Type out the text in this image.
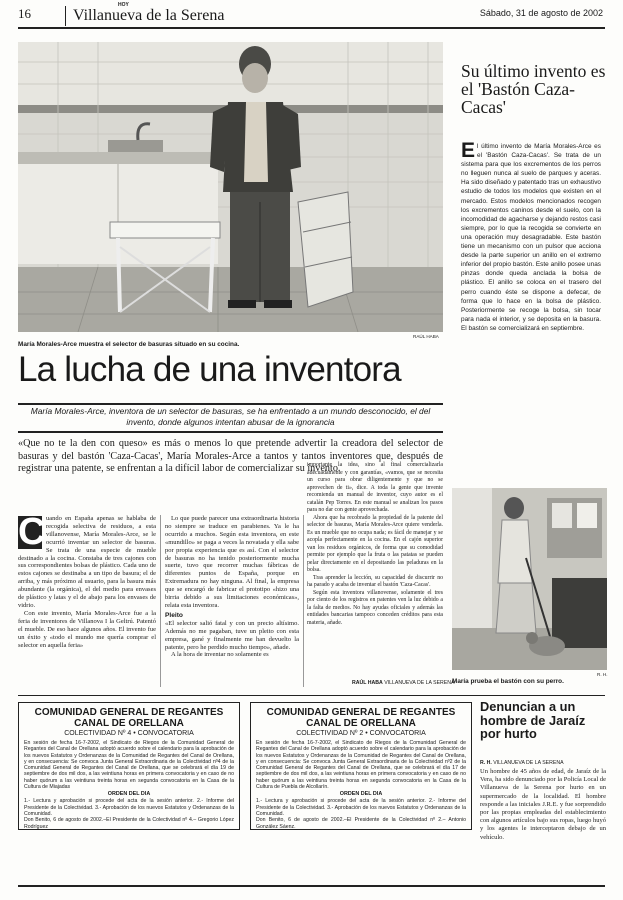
16
HOY
Villanueva de la Serena	Sábado, 31 de agosto de 2002
RAÚL HABA
María Morales-Arce muestra el selector de basuras situado en su cocina.
Su último invento es el 'Bastón Caza-Cacas'
E l último invento de María Morales-Arce es el 'Bastón Caza-Cacas'. Se trata de un sistema para que los excrementos de los perros no lleguen nunca al suelo de parques y aceras. Ha sido diseñado y patentado tras un exhaustivo estudio de todos los modelos que existen en el mercado. Estos modelos mencionados recogen los excrementos caninos desde el suelo, con la incomodidad de agacharse y dejando restos casi siempre, por lo que la recogida se convierte en una operación muy desagradable. Este bastón tiene un mecanismo con un pulsor que acciona desde la parte superior un anillo en el extremo inferior del propio bastón. Este anillo posee unas pinzas donde queda anclada la bolsa de plástico. El anillo se coloca en el trasero del perro cuando éste se dispone a defecar, de forma que lo hace en la bolsa de plástico. Posteriormente se recoge la bolsa, sin tocar para nada el interior, y se deposita en la basura. El bastón se comercializará en septiembre.

La lucha de una inventora
María Morales-Arce, inventora de un selector de basuras, se ha enfrentado a un mundo desconocido, el del invento, donde algunos intentan abusar de la ignorancia

«Que no te la den con queso» es más o menos lo que pretende advertir la creadora del selector de basuras y del bastón 'Caza-Cacas', María Morales-Arce a tantos y tantos inventores que, después de registrar una patente, se enfrentan a la difícil labor de comercializar su invento.

C uando en España apenas se hablaba de recogida selectiva de residuos, a esta villanovense, María Morales-Arce, se le ocurrió inventar un selector de basuras. Se trata de una especie de mueble destinado a la cocina. Constaba de tres cajones con sus correspondientes bolsas de plástico. Cada uno de estos cajones se destinaba a un tipo de basura; el de arriba, y más próximo al usuario, para la basura más abundante (la orgánica), el del medio para envases de plástico y latas y el de abajo para los envases de vidrio.

Con este invento, María Morales-Arce fue a la feria de inventores de Villanova I la Geltrú. Patentó el mueble. De eso hace algunos años. El invento fue un éxito y «todo el mundo me quería comprar el selector en aquella feria»

Lo que puede parecer una extraordinaria historia no siempre se traduce en parabienes. Ya le ha ocurrido a muchos. Según esta inventora, en este «mundillo» se paga a veces la novatada y ella sabe por propia experiencia que es así. Con el selector de basuras no ha tenido posteriormente mucha suerte, tuvo que recorrer muchas fábricas de diferentes puntos de España, porque en Extremadura no hay ninguna. Al final, la empresa que se encargó de fabricar el prototipo «hizo una birria debido a sus limitaciones económicas», relata esta inventora.

Pleito

«El selector salió fatal y con un precio altísimo. Además no me pagaban, tuve un pleito con esta empresa, gané y finalmente me han devuelto la patente, pero he perdido mucho tiempo», añade.

A la hora de inventar no solamente es

importante la idea, sino al final comercializarla adecuadamente y con garantías, «vamos, que se necesita un curso para obrar diligentemente y que no se aprovechen de ti», dice. A toda la gente que invente recomienda un manual de inventor, cuyo autor es el catalán Pep Torres. En este manual se analizan los pasos para no dar con gente aprovechada.

Ahora que ha recobrado la propiedad de la patente del selector de basuras, María Morales-Arce quiere venderla. Es un mueble que no ocupa nada; es fácil de manejar y se acopla perfectamente en la cocina. En el cajón superior van los residuos orgánicos, de forma que su comodidad permite por ejemplo que la fruta o las patatas se pueden pelar directamente en el depositando las peladuras en la bolsa.

Tras aprender la lección, su capacidad de discurrir no ha parado y acaba de inventar el bastón 'Caza-Cacas'.

Según esta inventora villanovense, solamente el tres por ciento de los registros en patentes ven la luz debido a la falta de medios. No hay ayudas oficiales y además las entidades bancarias tampoco conceden créditos para esta materia, añade.

RAÚL HABA VILLANUEVA DE LA SERENA
R. H.
María prueba el bastón con su perro.
COMUNIDAD GENERAL DE REGANTES
CANAL DE ORELLANA
COLECTIVIDAD Nº 4 • CONVOCATORIA

En sesión de fecha 16-7-2002, el Sindicato de Riegos de la Comunidad General de Regantes del Canal de Orellana adoptó acuerdo sobre el calendario para la aprobación de los nuevos Estatutos y Ordenanzas de la Comunidad de Regantes del Canal de Orellana, y en consecuencia: Se convoca Junta General Extraordinaria de la Colectividad nº4 de la Comunidad General de Regantes del Canal de Orellana, que se celebrará el día 19 de septiembre de dos mil dos, a las veintiuna horas en primera convocatoria y en caso de no haber quórum a las veintiuna treinta horas en segunda convocatoria en la Casa de la Cultura de Miajadas

ORDEN DEL DIA

1.- Lectura y aprobación si procede del acta de la sesión anterior. 2.- Informe del Presidente de la Colectividad. 3.- Aprobación de los nuevos Estatutos y Ordenanzas de la Comunidad.

Don Benito, 6 de agosto de 2002.–El Presidente de la Colectividad nº 4.– Gregorio López Rodríguez

COMUNIDAD GENERAL DE REGANTES
CANAL DE ORELLANA
COLECTIVIDAD Nº 2 • CONVOCATORIA

En sesión de fecha 16-7-2002, el Sindicato de Riegos de la Comunidad General de Regantes del Canal de Orellana adoptó acuerdo sobre el calendario para la aprobación de los nuevos Estatutos y Ordenanzas de la Comunidad de Regantes del Canal de Orellana, y en consecuencia: Se convoca Junta General Extraordinaria de la Colectividad nº2 de la Comunidad General de Regantes del Canal de Orellana, que se celebrará el día 17 de septiembre de dos mil dos, a las veintiuna horas en primera convocatoria y en caso de no haber quórum a las veintiuna treinta horas en segunda convocatoria en la Casa de la Cultura de Puebla de Alcollarín.

ORDEN DEL DIA

1.- Lectura y aprobación si procede del acta de la sesión anterior. 2.- Informe del Presidente de la Colectividad. 3.- Aprobación de los nuevos Estatutos y Ordenanzas de la Comunidad.

Don Benito, 6 de agosto de 2002.–El Presidente de la Colectividad nº 2.– Antonio González Sáenz.

Denuncian a un hombre de Jaraíz por hurto
R. H. VILLANUEVA DE LA SERENA

Un hombre de 45 años de edad, de Jaraíz de la Vera, ha sido denunciado por la Policía Local de Villanueva de la Serena por hurto en un supermercado de la localidad. El hombre responde a las iniciales J.R.E. y fue sorprendido por las propias empleadas del establecimiento con algunos artículos bajo sus ropas, luego huyó y los agentes le interceptaron debajo de un vehículo.
